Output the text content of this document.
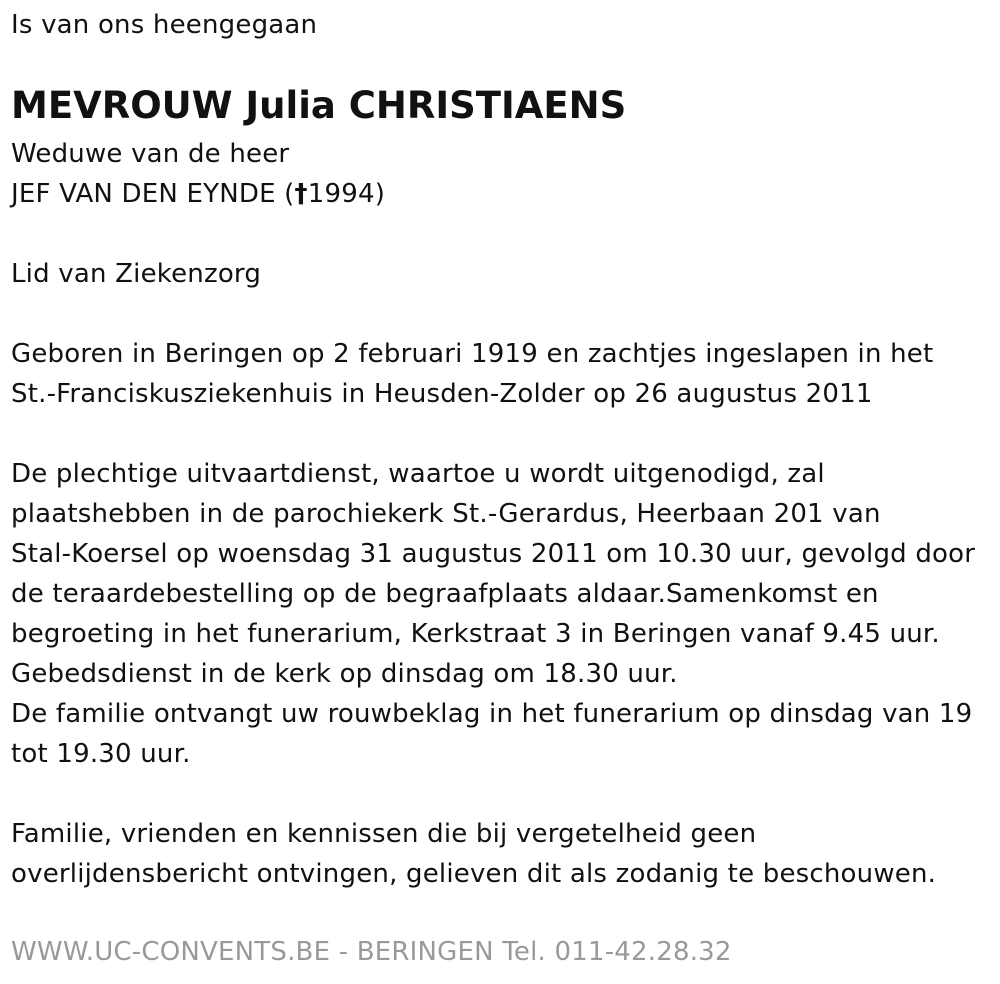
Is van ons heengegaan
MEVROUW Julia CHRISTIAENS
Weduwe van de heer
JEF VAN DEN EYNDE (†1994)
Lid van Ziekenzorg
Geboren in Beringen op 2 februari 1919 en zachtjes ingeslapen in het
St.-Franciskusziekenhuis in Heusden-Zolder op 26 augustus 2011
De plechtige uitvaartdienst, waartoe u wordt uitgenodigd, zal
plaatshebben in de parochiekerk St.-Gerardus, Heerbaan 201 van
Stal-Koersel op woensdag 31 augustus 2011 om 10.30 uur, gevolgd door
de teraardebestelling op de begraafplaats aldaar.Samenkomst en
begroeting in het funerarium, Kerkstraat 3 in Beringen vanaf 9.45 uur.
Gebedsdienst in de kerk op dinsdag om 18.30 uur.
De familie ontvangt uw rouwbeklag in het funerarium op dinsdag van 19
tot 19.30 uur.
Familie, vrienden en kennissen die bij vergetelheid geen
overlijdensbericht ontvingen, gelieven dit als zodanig te beschouwen.
WWW.UC-CONVENTS.BE - BERINGEN Tel. 011-42.28.32
